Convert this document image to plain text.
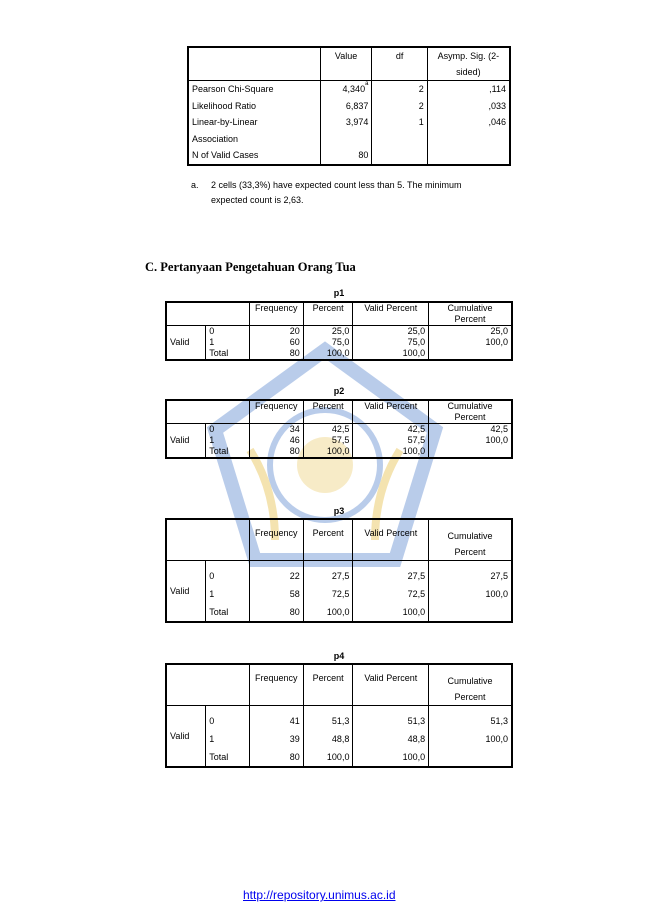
	Value	df	Asymp. Sig. (2-
			sided)
Pearson Chi-Square	4,340$^a$	2	,114
Likelihood Ratio	6,837	2	,033
Linear-by-Linear	3,974	1	,046
Association			
N of Valid Cases	80		
a. 2 cells (33,3%) have expected count less than 5. The minimum
expected count is 2,63.
C. Pertanyaan Pengetahuan Orang Tua
p1
		Frequency	Percent	Valid Percent	Cumulative
Percent
Valid	0	20	25,0	25,0	25,0
	1	60	75,0	75,0	100,0
	Total	80	100,0	100,0	
p2
		Frequency	Percent	Valid Percent	Cumulative
Percent
Valid	0	34	42,5	42,5	42,5
	1	46	57,5	57,5	100,0
	Total	80	100,0	100,0	
p3
		Frequency	Percent	Valid Percent	Cumulative
Percent
Valid	0	22	27,5	27,5	27,5
	1	58	72,5	72,5	100,0
	Total	80	100,0	100,0	
p4
		Frequency	Percent	Valid Percent	Cumulative
Percent
Valid	0	41	51,3	51,3	51,3
	1	39	48,8	48,8	100,0
	Total	80	100,0	100,0	
http://repository.unimus.ac.id
